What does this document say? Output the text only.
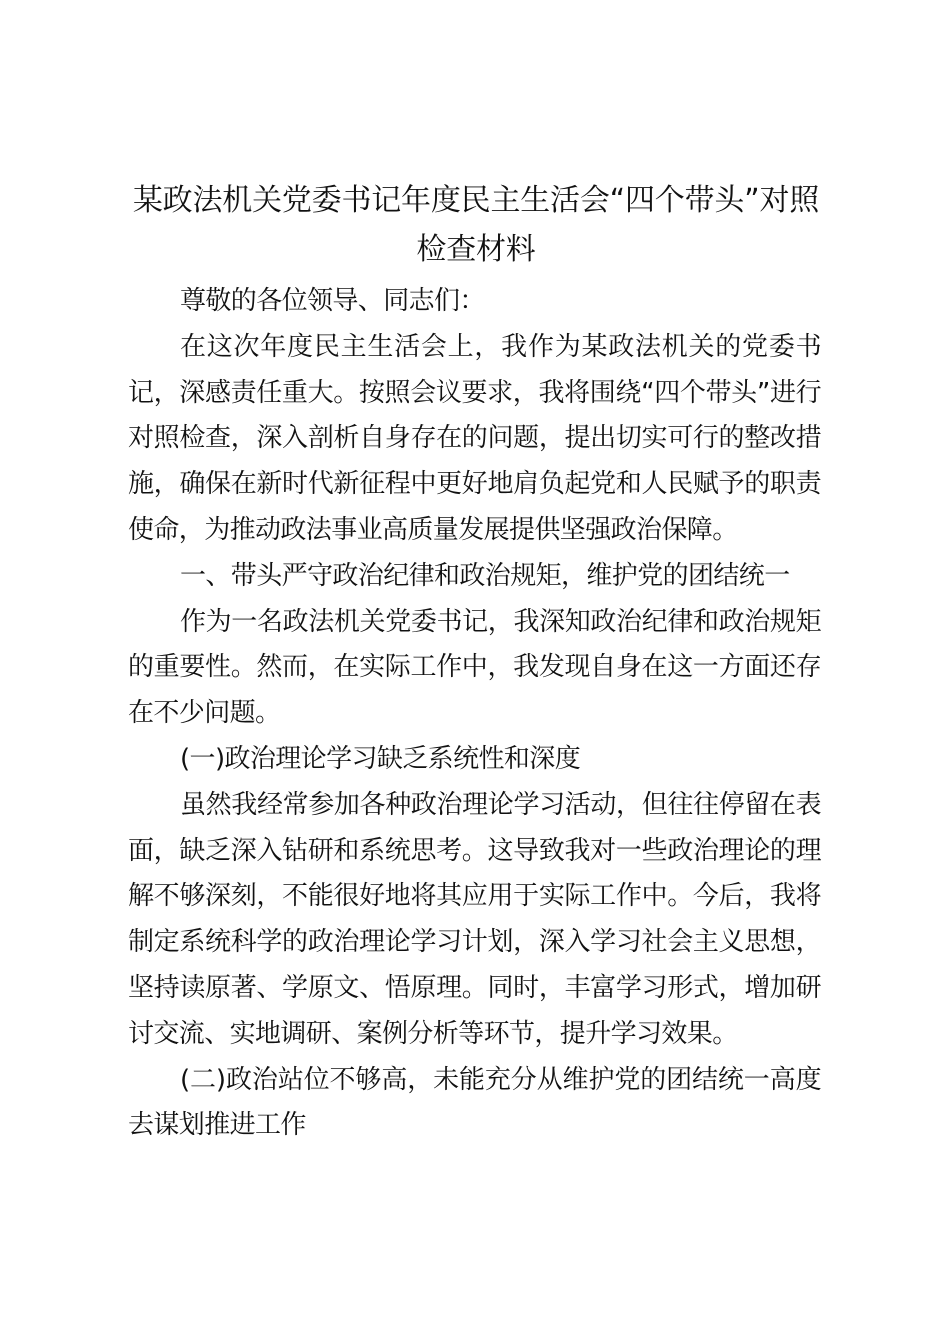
某政法机关党委书记年度民主生活会“四个带头”对照检查材料

尊敬的各位领导、同志们：

在这次年度民主生活会上，我作为某政法机关的党委书记，深感责任重大。按照会议要求，我将围绕“四个带头”进行对照检查，深入剖析自身存在的问题，提出切实可行的整改措施，确保在新时代新征程中更好地肩负起党和人民赋予的职责使命，为推动政法事业高质量发展提供坚强政治保障。

一、带头严守政治纪律和政治规矩，维护党的团结统一

作为一名政法机关党委书记，我深知政治纪律和政治规矩的重要性。然而，在实际工作中，我发现自身在这一方面还存在不少问题。

(一)政治理论学习缺乏系统性和深度

虽然我经常参加各种政治理论学习活动，但往往停留在表面，缺乏深入钻研和系统思考。这导致我对一些政治理论的理解不够深刻，不能很好地将其应用于实际工作中。今后，我将制定系统科学的政治理论学习计划，深入学习社会主义思想，坚持读原著、学原文、悟原理。同时，丰富学习形式，增加研讨交流、实地调研、案例分析等环节，提升学习效果。

(二)政治站位不够高，未能充分从维护党的团结统一高度去谋划推进工作
